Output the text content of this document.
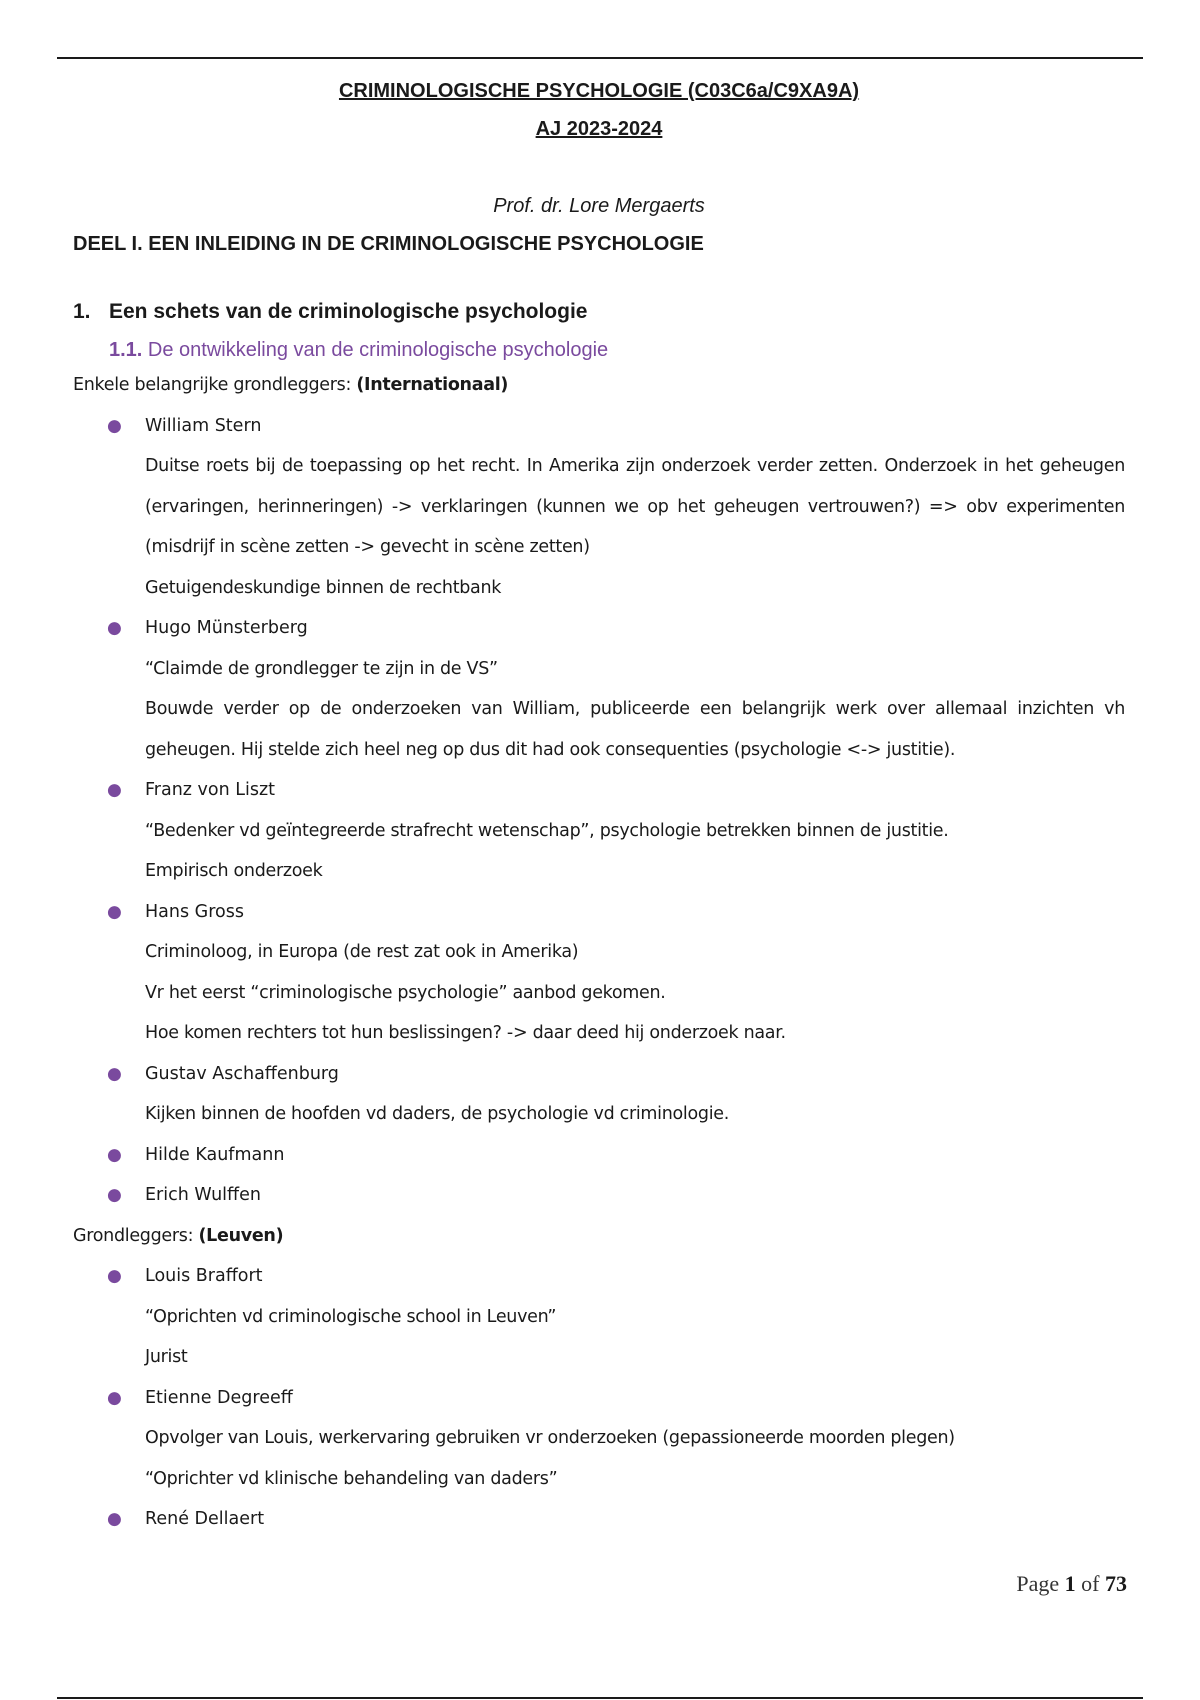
CRIMINOLOGISCHE PSYCHOLOGIE (C03C6a/C9XA9A)
AJ 2023-2024
Prof. dr. Lore Mergaerts
DEEL I. EEN INLEIDING IN DE CRIMINOLOGISCHE PSYCHOLOGIE
1. Een schets van de criminologische psychologie
1.1. De ontwikkeling van de criminologische psychologie
Enkele belangrijke grondleggers: (Internationaal)
●	William Stern
Duitse roets bij de toepassing op het recht. In Amerika zijn onderzoek verder zetten. Onderzoek in het geheugen (ervaringen, herinneringen) -> verklaringen (kunnen we op het geheugen vertrouwen?) => obv experimenten (misdrijf in scène zetten -> gevecht in scène zetten)
Getuigendeskundige binnen de rechtbank
●	Hugo Münsterberg
“Claimde de grondlegger te zijn in de VS”
Bouwde verder op de onderzoeken van William, publiceerde een belangrijk werk over allemaal inzichten vh geheugen. Hij stelde zich heel neg op dus dit had ook consequenties (psychologie <-> justitie).
●	Franz von Liszt
“Bedenker vd geïntegreerde strafrecht wetenschap”, psychologie betrekken binnen de justitie.
Empirisch onderzoek
●	Hans Gross
Criminoloog, in Europa (de rest zat ook in Amerika)
Vr het eerst “criminologische psychologie” aanbod gekomen.
Hoe komen rechters tot hun beslissingen? -> daar deed hij onderzoek naar.
●	Gustav Aschaffenburg
Kijken binnen de hoofden vd daders, de psychologie vd criminologie.
●	Hilde Kaufmann
●	Erich Wulffen
Grondleggers: (Leuven)
●	Louis Braffort
“Oprichten vd criminologische school in Leuven”
Jurist
●	Etienne Degreeff
Opvolger van Louis, werkervaring gebruiken vr onderzoeken (gepassioneerde moorden plegen)
“Oprichter vd klinische behandeling van daders”
●	René Dellaert
Page 1 of 73
